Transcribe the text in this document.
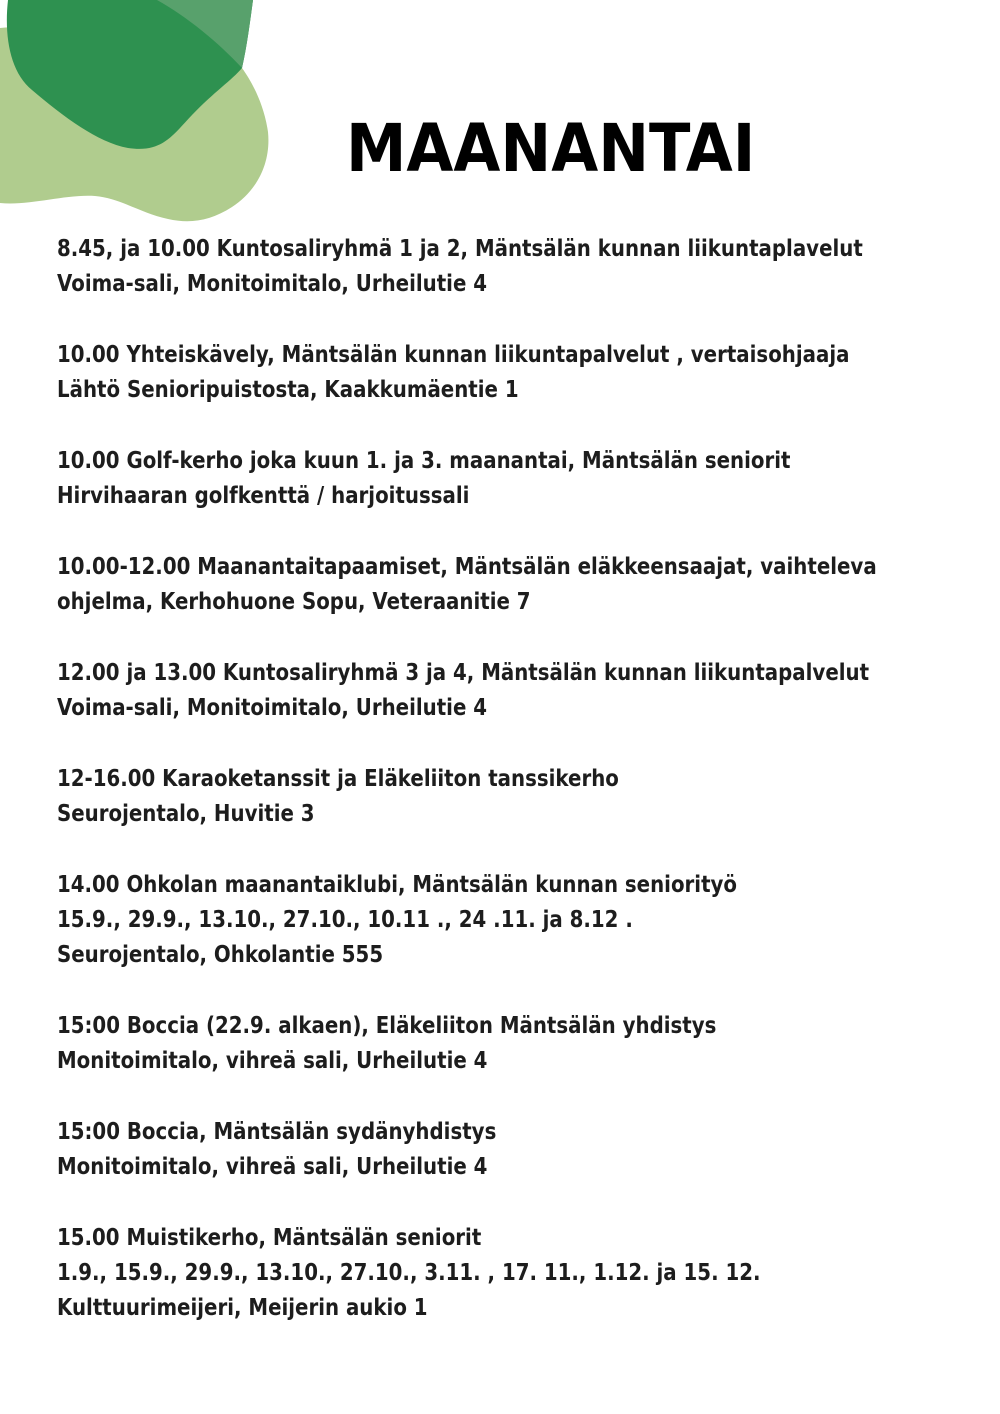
MAANANTAI
8.45, ja 10.00 Kuntosaliryhmä 1 ja 2, Mäntsälän kunnan liikuntaplavelut
Voima-sali, Monitoimitalo, Urheilutie 4
10.00 Yhteiskävely, Mäntsälän kunnan liikuntapalvelut , vertaisohjaaja
Lähtö Senioripuistosta, Kaakkumäentie 1
10.00 Golf-kerho joka kuun 1. ja 3. maanantai, Mäntsälän seniorit
Hirvihaaran golfkenttä / harjoitussali
10.00-12.00 Maanantaitapaamiset, Mäntsälän eläkkeensaajat, vaihteleva
ohjelma, Kerhohuone Sopu, Veteraanitie 7
12.00 ja 13.00 Kuntosaliryhmä 3 ja 4, Mäntsälän kunnan liikuntapalvelut
Voima-sali, Monitoimitalo, Urheilutie 4
12-16.00 Karaoketanssit ja Eläkeliiton tanssikerho
Seurojentalo, Huvitie 3
14.00 Ohkolan maanantaiklubi, Mäntsälän kunnan seniorityö
15.9., 29.9., 13.10., 27.10., 10.11 ., 24 .11. ja 8.12 .
Seurojentalo, Ohkolantie 555
15:00 Boccia (22.9. alkaen), Eläkeliiton Mäntsälän yhdistys
Monitoimitalo, vihreä sali, Urheilutie 4
15:00 Boccia, Mäntsälän sydänyhdistys
Monitoimitalo, vihreä sali, Urheilutie 4
15.00 Muistikerho, Mäntsälän seniorit
1.9., 15.9., 29.9., 13.10., 27.10., 3.11. , 17. 11., 1.12. ja 15. 12.
Kulttuurimeijeri, Meijerin aukio 1
